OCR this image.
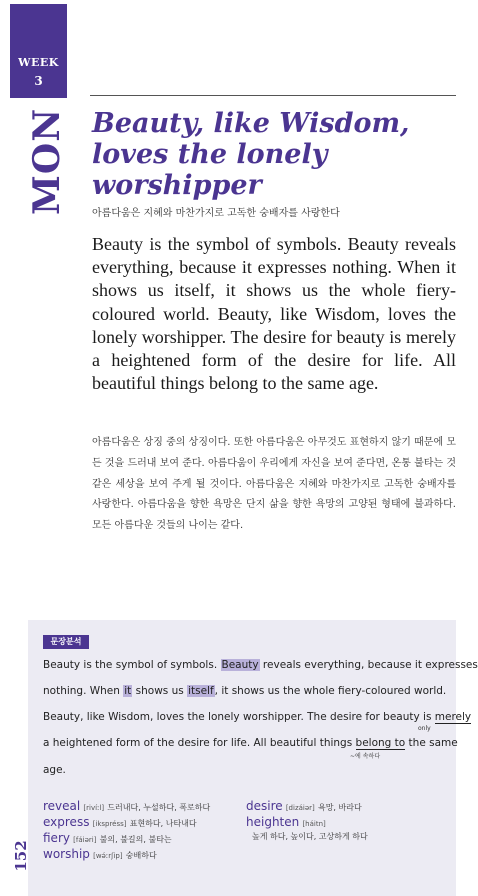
WEEK
3
MON Beauty, like Wisdom, loves the lonely worshipper
아름다움은 지혜와 마찬가지로 고독한 숭배자를 사랑한다

Beauty is the symbol of symbols. Beauty reveals everything, because it expresses nothing. When it shows us itself, it shows us the whole fiery-coloured world. Beauty, like Wisdom, loves the lonely worshipper. The desire for beauty is merely a heightened form of the desire for life. All beautiful things belong to the same age.

아름다움은 상징 중의 상징이다. 또한 아름다움은 아무것도 표현하지 않기 때문에 모든 것을 드러내 보여 준다. 아름다움이 우리에게 자신을 보여 준다면, 온통 불타는 것 같은 세상을 보여 주게 될 것이다. 아름다움은 지혜와 마찬가지로 고독한 숭배자를 사랑한다. 아름다움을 향한 욕망은 단지 삶을 향한 욕망의 고양된 형태에 불과하다. 모든 아름다운 것들의 나이는 같다.

문장분석
Beauty is the symbol of symbols. Beauty reveals everything, because it expresses
nothing. When it shows us itself, it shows us the whole fiery-coloured world.
Beauty, like Wisdom, loves the lonely worshipper. The desire for beauty is merely
only
a heightened form of the desire for life. All beautiful things belong to the same
~에 속하다
age.
reveal [rivíːl] 드러내다, 누설하다, 폭로하다
express [ikspréss] 표현하다, 나타내다
fiery [fáiəri] 불의, 불길의, 불타는
worship [wə́ːrʃip] 숭배하다
desire [dizáiər] 욕망, 바라다
heighten [háitn]
높게 하다, 높이다, 고상하게 하다
152
